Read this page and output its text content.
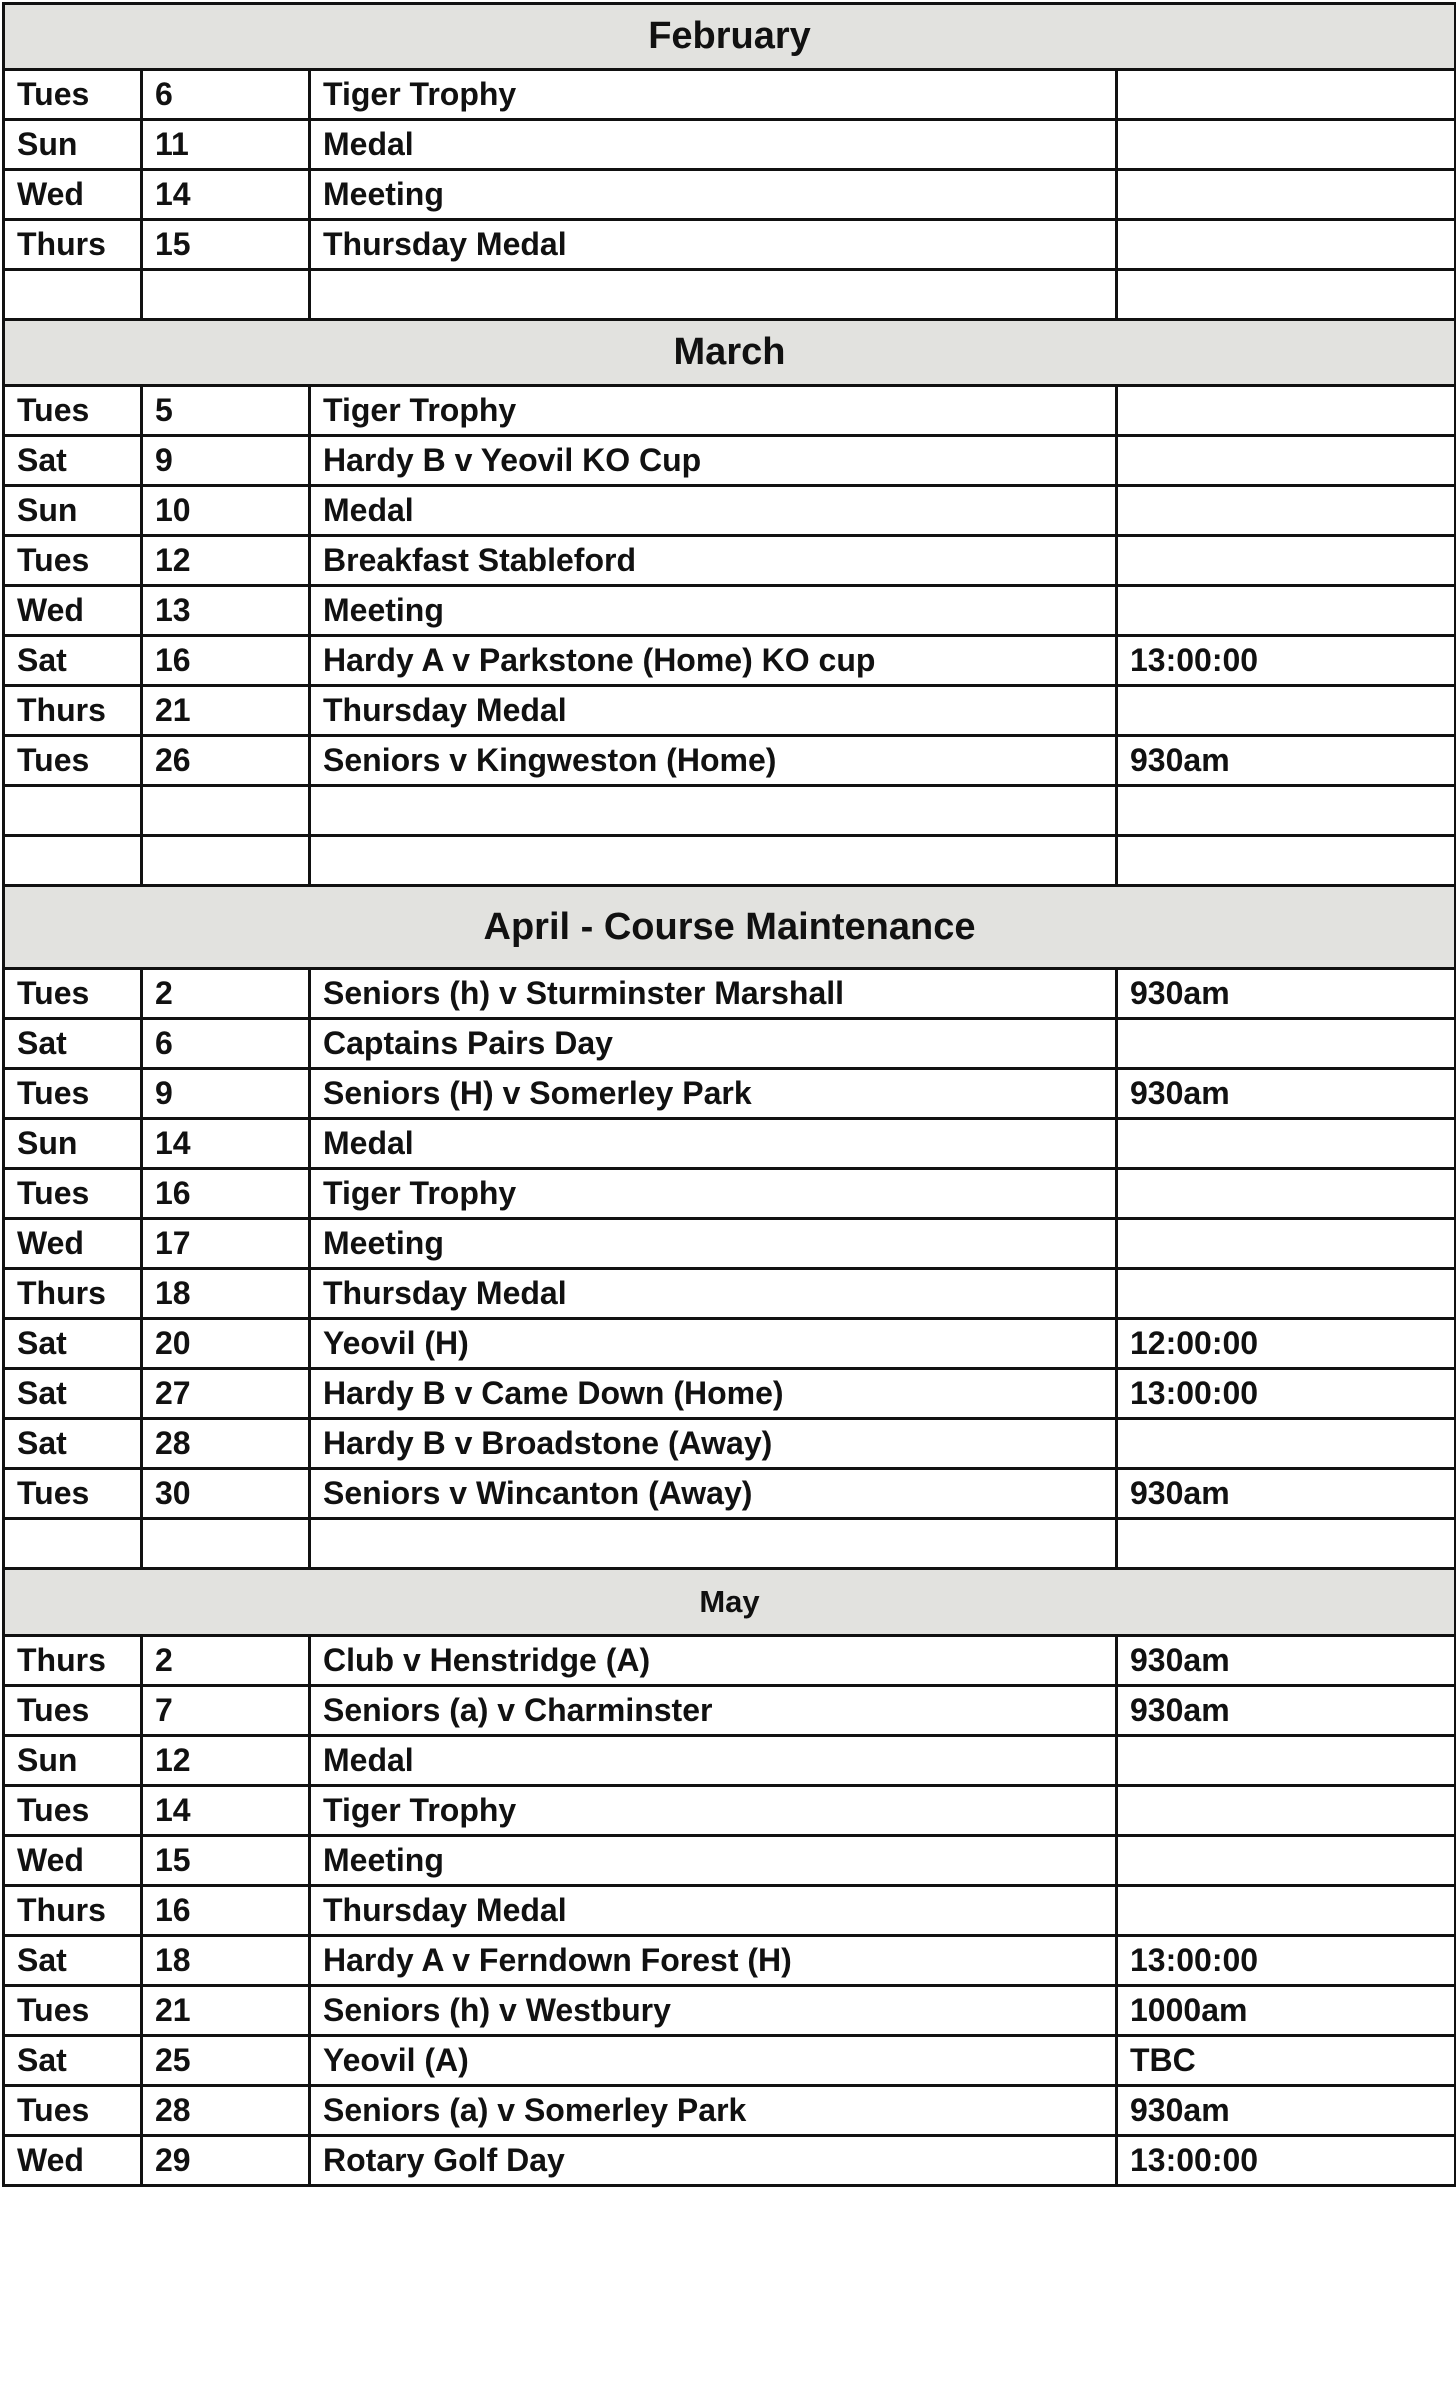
February			
Tues	6	Tiger Trophy	
Sun	11	Medal	
Wed	14	Meeting	
Thurs	15	Thursday Medal	

March			
Tues	5	Tiger Trophy	
Sat	9	Hardy B v Yeovil KO Cup	
Sun	10	Medal	
Tues	12	Breakfast Stableford	
Wed	13	Meeting	
Sat	16	Hardy A v Parkstone (Home) KO cup	13:00:00
Thurs	21	Thursday Medal	
Tues	26	Seniors v Kingweston (Home)	930am

April - Course Maintenance			
Tues	2	Seniors (h) v Sturminster Marshall	930am
Sat	6	Captains Pairs Day	
Tues	9	Seniors (H) v Somerley Park	930am
Sun	14	Medal	
Tues	16	Tiger Trophy	
Wed	17	Meeting	
Thurs	18	Thursday Medal	
Sat	20	Yeovil (H)	12:00:00
Sat	27	Hardy B v Came Down (Home)	13:00:00
Sat	28	Hardy B v Broadstone (Away)	
Tues	30	Seniors v Wincanton (Away)	930am

May			
Thurs	2	Club v Henstridge (A)	930am
Tues	7	Seniors (a) v Charminster	930am
Sun	12	Medal	
Tues	14	Tiger Trophy	
Wed	15	Meeting	
Thurs	16	Thursday Medal	
Sat	18	Hardy A v Ferndown Forest (H)	13:00:00
Tues	21	Seniors (h) v Westbury	1000am
Sat	25	Yeovil (A)	TBC
Tues	28	Seniors (a) v Somerley Park	930am
Wed	29	Rotary Golf Day	13:00:00
